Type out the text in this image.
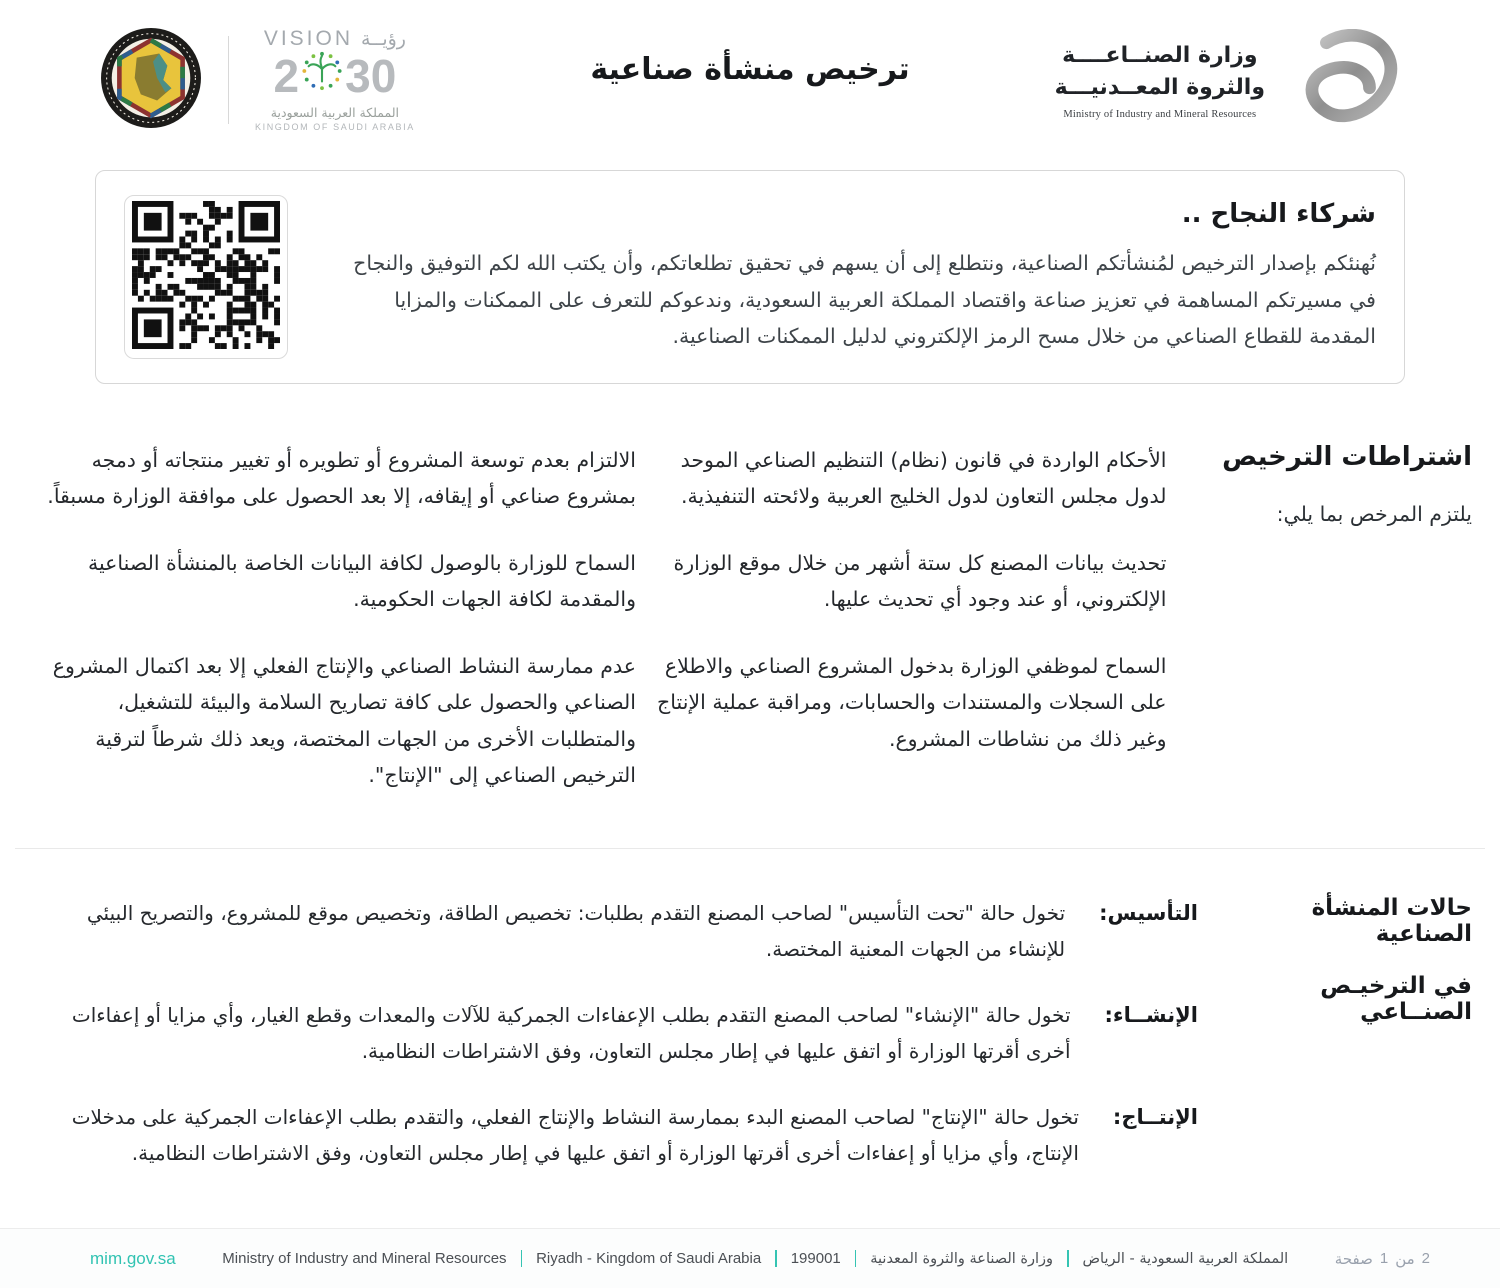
VISION رؤيــة
2 30
المملكة العربية السعودية
KINGDOM OF SAUDI ARABIA
ترخيص منشأة صناعية	وزارة الصنــاعــــة
والثروة المعــدنيـــة
Ministry of Industry and Mineral Resources
شركاء النجاح ..

نُهنئكم بإصدار الترخيص لمُنشأتكم الصناعية، ونتطلع إلى أن يسهم في تحقيق تطلعاتكم، وأن يكتب الله لكم التوفيق والنجاح في مسيرتكم المساهمة في تعزيز صناعة واقتصاد المملكة العربية السعودية، وندعوكم للتعرف على الممكنات والمزايا المقدمة للقطاع الصناعي من خلال مسح الرمز الإلكتروني لدليل الممكنات الصناعية.

اشتراطات الترخيص
يلتزم المرخص بما يلي:

الأحكام الواردة في قانون (نظام) التنظيم الصناعي الموحد لدول مجلس التعاون لدول الخليج العربية ولائحته التنفيذية.

تحديث بيانات المصنع كل ستة أشهر من خلال موقع الوزارة الإلكتروني، أو عند وجود أي تحديث عليها.

السماح لموظفي الوزارة بدخول المشروع الصناعي والاطلاع على السجلات والمستندات والحسابات، ومراقبة عملية الإنتاج وغير ذلك من نشاطات المشروع.

الالتزام بعدم توسعة المشروع أو تطويره أو تغيير منتجاته أو دمجه بمشروع صناعي أو إيقافه، إلا بعد الحصول على موافقة الوزارة مسبقاً.

السماح للوزارة بالوصول لكافة البيانات الخاصة بالمنشأة الصناعية والمقدمة لكافة الجهات الحكومية.

عدم ممارسة النشاط الصناعي والإنتاج الفعلي إلا بعد اكتمال المشروع الصناعي والحصول على كافة تصاريح السلامة والبيئة للتشغيل، والمتطلبات الأخرى من الجهات المختصة، ويعد ذلك شرطاً لترقية الترخيص الصناعي إلى "الإنتاج".

حالات المنشأة الصناعية
في الترخيـص الصنــاعي
التأسيس:
تخول حالة "تحت التأسيس" لصاحب المصنع التقدم بطلبات: تخصيص الطاقة، وتخصيص موقع للمشروع، والتصريح البيئي للإنشاء من الجهات المعنية المختصة.
الإنشــاء:
تخول حالة "الإنشاء" لصاحب المصنع التقدم بطلب الإعفاءات الجمركية للآلات والمعدات وقطع الغيار، وأي مزايا أو إعفاءات أخرى أقرتها الوزارة أو اتفق عليها في إطار مجلس التعاون، وفق الاشتراطات النظامية.
الإنتــاج:
تخول حالة "الإنتاج" لصاحب المصنع البدء بممارسة النشاط والإنتاج الفعلي، والتقدم بطلب الإعفاءات الجمركية على مدخلات الإنتاج، وأي مزايا أو إعفاءات أخرى أقرتها الوزارة أو اتفق عليها في إطار مجلس التعاون، وفق الاشتراطات النظامية.
mim.gov.sa	Ministry of Industry and Mineral Resources Riyadh - Kingdom of Saudi Arabia 199001 وزارة الصناعة والثروة المعدنية المملكة العربية السعودية - الرياض	صفحة 1 من 2
